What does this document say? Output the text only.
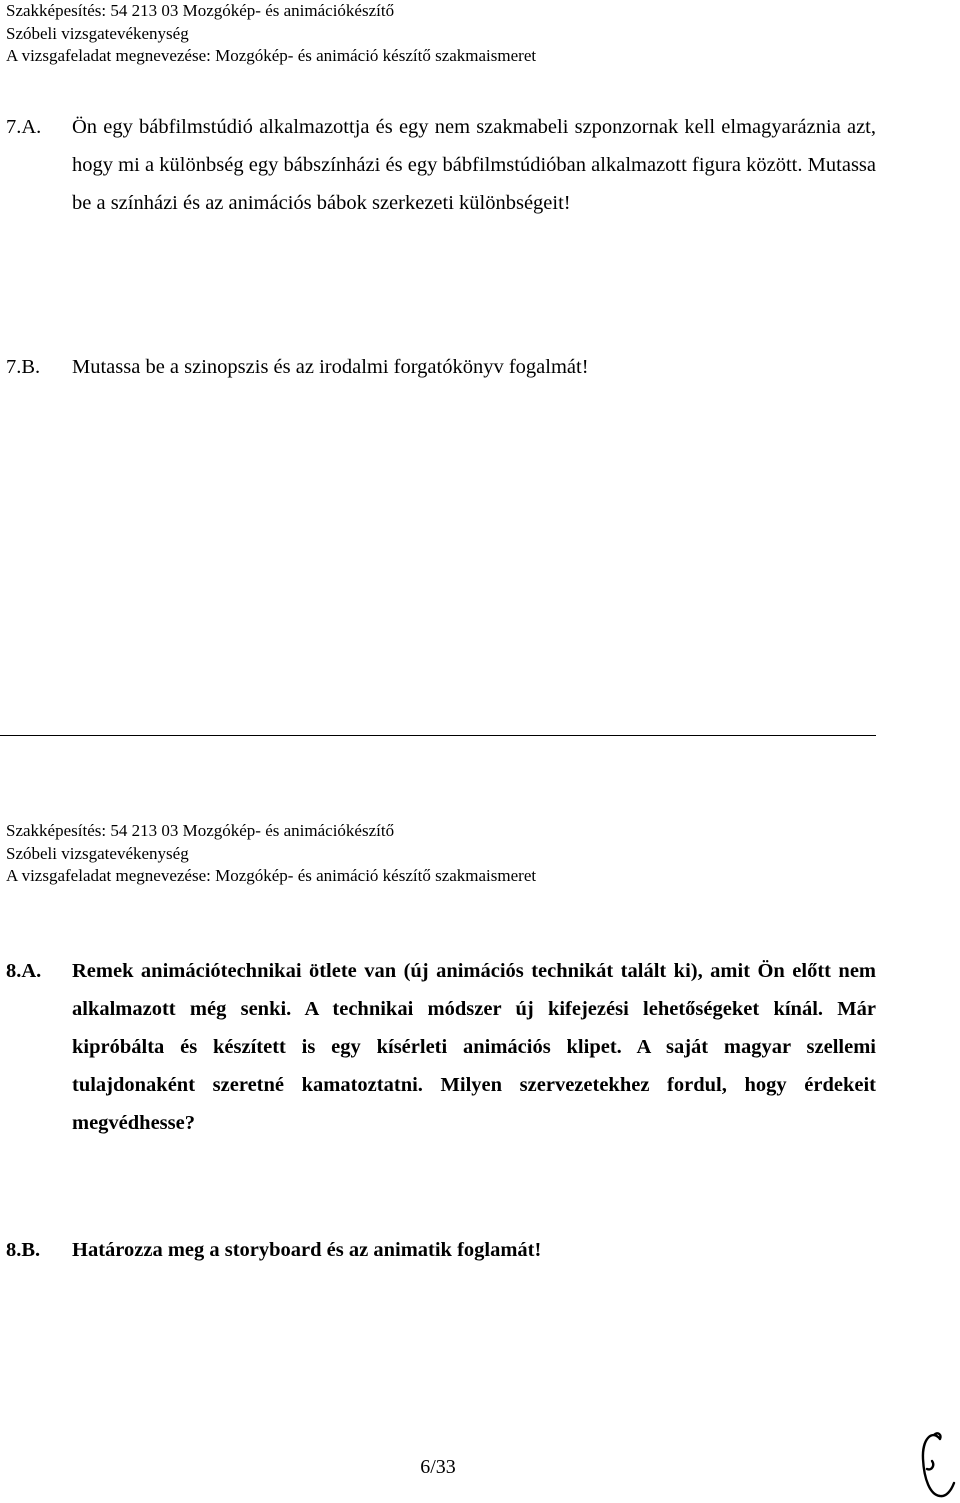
Szakképesítés: 54 213 03 Mozgókép- és animációkészítő
Szóbeli vizsgatevékenység
A vizsgafeladat megnevezése: Mozgókép- és animáció készítő szakmaismeret
7.A.	Ön egy bábfilmstúdió alkalmazottja és egy nem szakmabeli szponzornak kell elmagyaráznia azt, hogy mi a különbség egy bábszínházi és egy bábfilmstúdióban alkalmazott figura között. Mutassa be a színházi és az animációs bábok szerkezeti különbségeit!
7.B.	Mutassa be a szinopszis és az irodalmi forgatókönyv fogalmát!
Szakképesítés: 54 213 03 Mozgókép- és animációkészítő
Szóbeli vizsgatevékenység
A vizsgafeladat megnevezése: Mozgókép- és animáció készítő szakmaismeret
8.A.	Remek animációtechnikai ötlete van (új animációs technikát talált ki), amit Ön előtt nem alkalmazott még senki. A technikai módszer új kifejezési lehetőségeket kínál. Már kipróbálta és készített is egy kísérleti animációs klipet. A saját magyar szellemi tulajdonaként szeretné kamatoztatni. Milyen szervezetekhez fordul, hogy érdekeit megvédhesse?
8.B.	Határozza meg a storyboard és az animatik foglamát!
6/33
